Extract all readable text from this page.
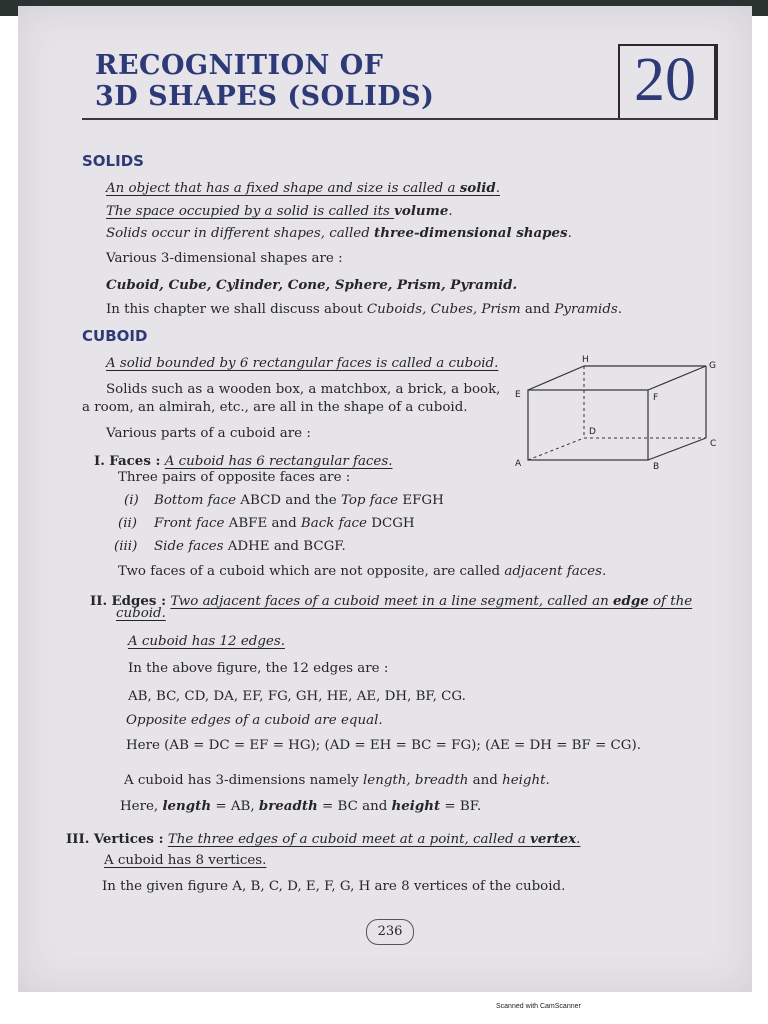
RECOGNITION OF
3D SHAPES (SOLIDS)	20
SOLIDS
An object that has a fixed shape and size is called a solid.
The space occupied by a solid is called its volume.
Solids occur in different shapes, called three-dimensional shapes.
Various 3-dimensional shapes are :
Cuboid, Cube, Cylinder, Cone, Sphere, Prism, Pyramid.
In this chapter we shall discuss about Cuboids, Cubes, Prism and Pyramids.
CUBOID
A solid bounded by 6 rectangular faces is called a cuboid.
Solids such as a wooden box, a matchbox, a brick, a book,
a room, an almirah, etc., are all in the shape of a cuboid.
Various parts of a cuboid are :
H
G
E	F
D
C
A	B
I. Faces : A cuboid has 6 rectangular faces.
Three pairs of opposite faces are :
(i) Bottom face ABCD and the Top face EFGH
(ii) Front face ABFE and Back face DCGH
(iii) Side faces ADHE and BCGF.
Two faces of a cuboid which are not opposite, are called adjacent faces.
II. Edges : Two adjacent faces of a cuboid meet in a line segment, called an edge of the
cuboid.
A cuboid has 12 edges.
In the above figure, the 12 edges are :
AB, BC, CD, DA, EF, FG, GH, HE, AE, DH, BF, CG.
Opposite edges of a cuboid are equal.
Here (AB = DC = EF = HG); (AD = EH = BC = FG); (AE = DH = BF = CG).
A cuboid has 3-dimensions namely length, breadth and height.
Here, length = AB, breadth = BC and height = BF.
III. Vertices : The three edges of a cuboid meet at a point, called a vertex.
A cuboid has 8 vertices.
In the given figure A, B, C, D, E, F, G, H are 8 vertices of the cuboid.
236
Scanned with CamScanner
